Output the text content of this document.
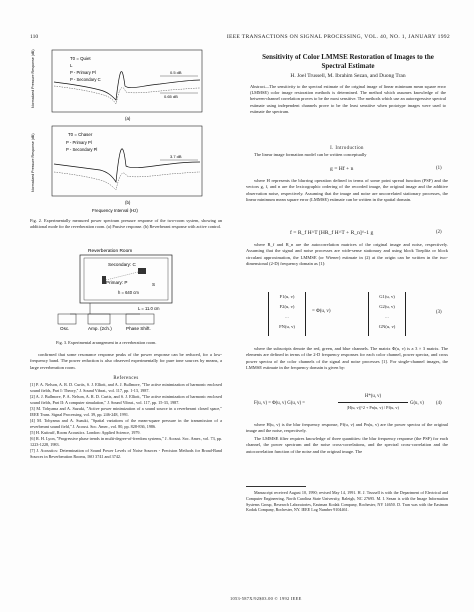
110	IEEE TRANSACTIONS ON SIGNAL PROCESSING, VOL. 40, NO. 1, JANUARY 1992
Normalized Pressure Response (dB)	T0 = Quiet
L
P - Primary Pl
P - Secondary C
0.5 dB
0.65 dB
(a)
Normalized Pressure Response (dB)	T0 = Chaser
P - Primary Pl
P - Secondary Pl
3.7 dB
(b)
Frequency Interval (Hz)
Fig. 2. Experimentally measured power spectrum pressure response of the two-room system, showing an additional mode for the reverberation room. (a) Passive response. (b) Reverberant response with active control.
Reverberation Room
Secondary: C
Primary: P	S
h = 640 cm
L = 11.0 cm
Osc.	Amp. (2ch.)	Phase Shift.
Fig. 3. Experimental arrangement in a reverberation room.

confirmed that some resonance response peaks of the power response can be reduced, for a low-frequency band. The power reduction is also observed experimentally for pure tone sources by means, a large reverberation room.

References
[1] P. A. Nelson, A. R. D. Curtis, S. J. Elliott, and A. J. Bullmore, "The active minimization of harmonic enclosed sound fields, Part I: Theory," J. Sound Vibrat., vol. 117, pp. 1-13, 1987.
[2] A. J. Bullmore, P. A. Nelson, A. R. D. Curtis, and S. J. Elliott, "The active minimization of harmonic enclosed sound fields, Part II: A computer simulation," J. Sound Vibrat., vol. 117, pp. 15-33, 1987.
[3] M. Tohyama and A. Suzuki, "Active power minimization of a sound source in a reverberant closed space," IEEE Trans. Signal Processing, vol. 39, pp. 246-248, 1991.
[4] M. Tohyama and A. Suzuki, "Spatial variations of the mean-square pressure in the transmission of a reverberant sound field," J. Acoust. Soc. Amer., vol. 80, pp. 828-836, 1986.
[5] H. Kuttruff, Room Acoustics. London: Applied Science, 1979.
[6] R. H. Lyon, "Progressive phase trends in multi-degree-of-freedom systems," J. Acoust. Soc. Amer., vol. 73, pp. 1223-1228, 1983.
[7] J. Acoustics: Determination of Sound Power Levels of Noise Sources - Precision Methods for Broad-Band Sources in Reverberation Rooms, ISO 3741 and 3742.
Sensitivity of Color LMMSE Restoration of Images to the Spectral Estimate
H. Joel Trussell, M. Ibrahim Sezan, and Duong Tran
Abstract—The sensitivity to the spectral estimate of the original image of linear minimum mean square error (LMMSE) color image restoration methods is determined. The method which assumes knowledge of the between-channel correlation proves to be the most sensitive. The methods which use an autoregressive spectral estimate using independent channels prove to be the least sensitive when prototype images were used to estimate the spectrum.
I. Introduction

The linear image formation model can be written conceptually

g = Hf + n	(1)

where H represents the blurring operation defined in terms of some point spread function (PSF) and the vectors g, f, and n are the lexicographic ordering of the recorded image, the original image and the additive observation noise, respectively. Assuming that the image and noise are uncorrelated stationary processes, the linear minimum mean square error (LMMSE) estimate can be written in the spatial domain.

f = R_f H^T [HR_f H^T + R_n]^-1 g	(2)

where R_f and R_n are the autocorrelation matrices of the original image and noise, respectively. Assuming that the signal and noise processes are wide-sense stationary and using block Toeplitz or block circulant approximation, the LMMSE (or Wiener) estimate in (2) at the origin can be written in the two-dimensional (2-D) frequency domain as [1]:

F1(u, v)
F2(u, v)
...
FN(u, v)
= Φ(u, v)
G1(u, v)
G2(u, v)
...
GN(u, v)
(3)

where the subscripts denote the red, green, and blue channels. The matrix Φ(u, v) is a 3 × 3 matrix. The elements are defined in terms of the 2-D frequency responses for each color channel, power spectra, and cross power spectra of the color channels of the signal and noise processes [1]. For single-channel images, the LMMSE estimate in the frequency domain is given by:

F(u, v) = Φ(u, v) G(u, v) =
H*(u, v)
|H(u, v)|^2 + Pn(u, v) / Pf(u, v)
G(u, v)	(4)

where H(u, v) is the blur frequency response, Pf(u, v) and Pn(u, v) are the power spectra of the original image and the noise, respectively.

The LMMSE filter requires knowledge of three quantities: the blur frequency response (the PSF) for each channel, the power spectrum and the noise cross-correlations, and the spectral cross-correlation and the autocorrelation function of the noise and the original image. The

Manuscript received August 10, 1990; revised May 14, 1991. H. J. Trussell is with the Department of Electrical and Computer Engineering, North Carolina State University, Raleigh, NC 27695. M. I. Sezan is with the Image Information Systems Group, Research Laboratories, Eastman Kodak Company, Rochester, NY 14650. D. Tran was with the Eastman Kodak Company, Rochester, NY. IEEE Log Number 9104461.

1053-587X/92$03.00 © 1992 IEEE
